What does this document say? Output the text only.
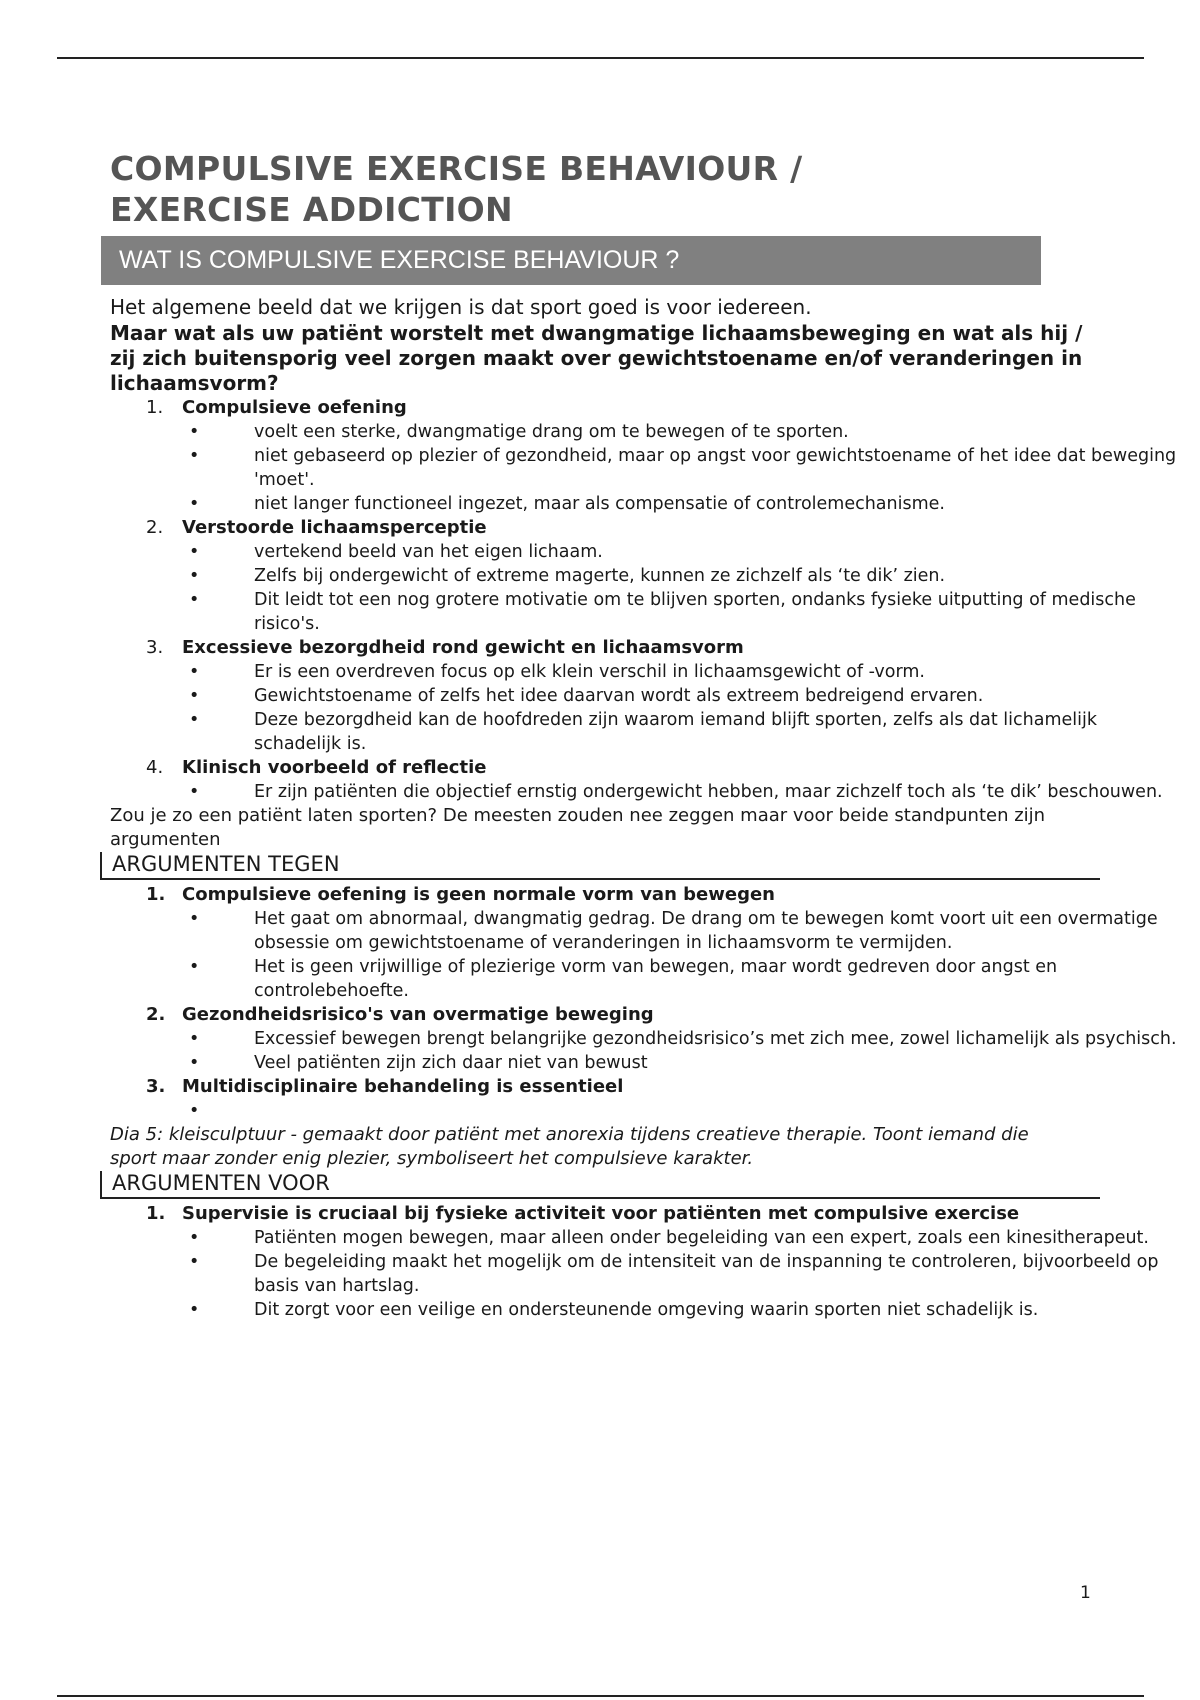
COMPULSIVE EXERCISE BEHAVIOUR /
EXERCISE ADDICTION
WAT IS COMPULSIVE EXERCISE BEHAVIOUR ?

Het algemene beeld dat we krijgen is dat sport goed is voor iedereen.

Maar wat als uw patiënt worstelt met dwangmatige lichaamsbeweging en wat als hij / zij zich buitensporig veel zorgen maakt over gewichtstoename en/of veranderingen in lichaamsvorm?

1. Compulsieve oefening
• voelt een sterke, dwangmatige drang om te bewegen of te sporten.
• niet gebaseerd op plezier of gezondheid, maar op angst voor gewichtstoename of het idee dat beweging 'moet'.
• niet langer functioneel ingezet, maar als compensatie of controlemechanisme.
2. Verstoorde lichaamsperceptie
• vertekend beeld van het eigen lichaam.
• Zelfs bij ondergewicht of extreme magerte, kunnen ze zichzelf als ‘te dik’ zien.
• Dit leidt tot een nog grotere motivatie om te blijven sporten, ondanks fysieke uitputting of medische risico's.
3. Excessieve bezorgdheid rond gewicht en lichaamsvorm
• Er is een overdreven focus op elk klein verschil in lichaamsgewicht of -vorm.
• Gewichtstoename of zelfs het idee daarvan wordt als extreem bedreigend ervaren.
• Deze bezorgdheid kan de hoofdreden zijn waarom iemand blijft sporten, zelfs als dat lichamelijk schadelijk is.
4. Klinisch voorbeeld of reflectie
• Er zijn patiënten die objectief ernstig ondergewicht hebben, maar zichzelf toch als ‘te dik’ beschouwen.

Zou je zo een patiënt laten sporten? De meesten zouden nee zeggen maar voor beide standpunten zijn argumenten

ARGUMENTEN TEGEN
1. Compulsieve oefening is geen normale vorm van bewegen
• Het gaat om abnormaal, dwangmatig gedrag. De drang om te bewegen komt voort uit een overmatige obsessie om gewichtstoename of veranderingen in lichaamsvorm te vermijden.
• Het is geen vrijwillige of plezierige vorm van bewegen, maar wordt gedreven door angst en controlebehoefte.
2. Gezondheidsrisico's van overmatige beweging
• Excessief bewegen brengt belangrijke gezondheidsrisico’s met zich mee, zowel lichamelijk als psychisch.
• Veel patiënten zijn zich daar niet van bewust
3. Multidisciplinaire behandeling is essentieel
•

Dia 5: kleisculptuur - gemaakt door patiënt met anorexia tijdens creatieve therapie. Toont iemand die sport maar zonder enig plezier, symboliseert het compulsieve karakter.

ARGUMENTEN VOOR
1. Supervisie is cruciaal bij fysieke activiteit voor patiënten met compulsive exercise
• Patiënten mogen bewegen, maar alleen onder begeleiding van een expert, zoals een kinesitherapeut.
• De begeleiding maakt het mogelijk om de intensiteit van de inspanning te controleren, bijvoorbeeld op basis van hartslag.
• Dit zorgt voor een veilige en ondersteunende omgeving waarin sporten niet schadelijk is.
1
